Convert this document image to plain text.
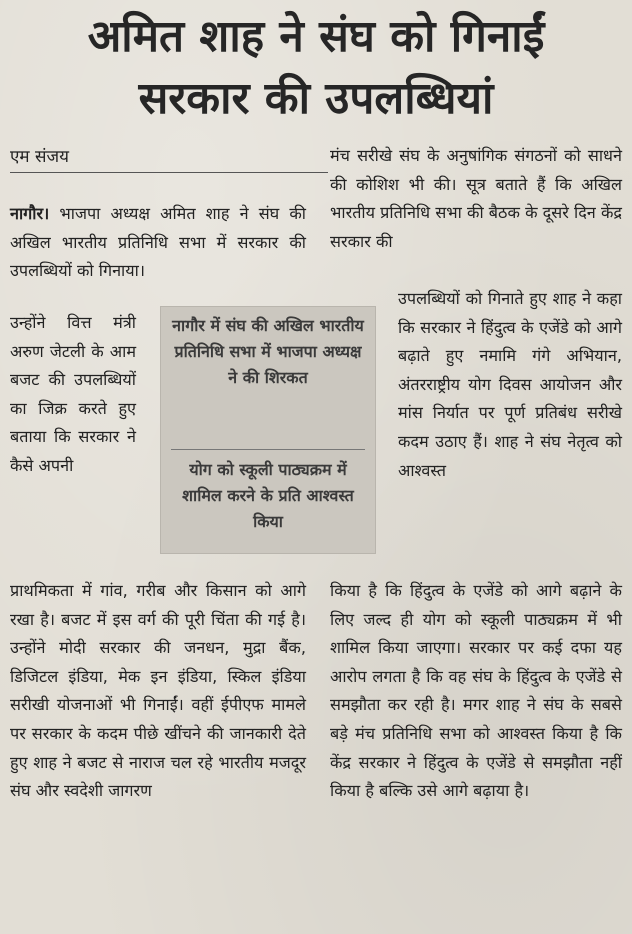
अमित शाह ने संघ को गिनाईं
सरकार की उपलब्धियां
एम संजय

नागौर। भाजपा अध्यक्ष अमित शाह ने संघ की अखिल भारतीय प्रतिनिधि सभा में सरकार की उपलब्धियों को गिनाया।

उन्होंने वित्त मंत्री अरुण जेटली के आम बजट की उपलब्धियों का जिक्र करते हुए बताया कि सरकार ने कैसे अपनी

नागौर में संघ की अखिल भारतीय प्रतिनिधि सभा में भाजपा अध्यक्ष ने की शिरकत
योग को स्कूली पाठ्यक्रम में शामिल करने के प्रति आश्वस्त किया

मंच सरीखे संघ के अनुषांगिक संगठनों को साधने की कोशिश भी की। सूत्र बताते हैं कि अखिल भारतीय प्रतिनिधि सभा की बैठक के दूसरे दिन केंद्र सरकार की

उपलब्धियों को गिनाते हुए शाह ने कहा कि सरकार ने हिंदुत्व के एजेंडे को आगे बढ़ाते हुए नमामि गंगे अभियान, अंतरराष्ट्रीय योग दिवस आयोजन और मांस निर्यात पर पूर्ण प्रतिबंध सरीखे कदम उठाए हैं। शाह ने संघ नेतृत्व को आश्वस्त

प्राथमिकता में गांव, गरीब और किसान को आगे रखा है। बजट में इस वर्ग की पूरी चिंता की गई है। उन्होंने मोदी सरकार की जनधन, मुद्रा बैंक, डिजिटल इंडिया, मेक इन इंडिया, स्किल इंडिया सरीखी योजनाओं भी गिनाईं। वहीं ईपीएफ मामले पर सरकार के कदम पीछे खींचने की जानकारी देते हुए शाह ने बजट से नाराज चल रहे भारतीय मजदूर संघ और स्वदेशी जागरण

किया है कि हिंदुत्व के एजेंडे को आगे बढ़ाने के लिए जल्द ही योग को स्कूली पाठ्यक्रम में भी शामिल किया जाएगा। सरकार पर कई दफा यह आरोप लगता है कि वह संघ के हिंदुत्व के एजेंडे से समझौता कर रही है। मगर शाह ने संघ के सबसे बड़े मंच प्रतिनिधि सभा को आश्वस्त किया है कि केंद्र सरकार ने हिंदुत्व के एजेंडे से समझौता नहीं किया है बल्कि उसे आगे बढ़ाया है।
